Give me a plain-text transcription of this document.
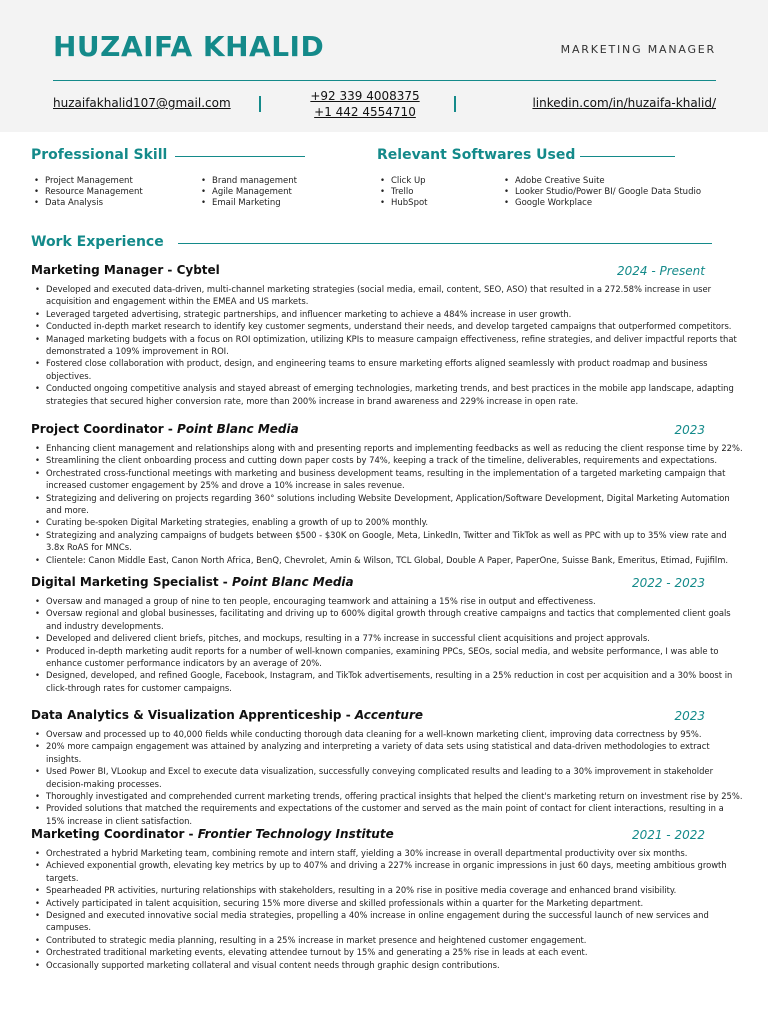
HUZAIFA KHALID	MARKETING MANAGER
huzaifakhalid107@gmail.com	+92 339 4008375
+1 442 4554710
linkedin.com/in/huzaifa-khalid/
Professional Skill
• Project Management
• Resource Management
• Data Analysis
• Brand management
• Agile Management
• Email Marketing
Relevant Softwares Used
• Click Up
• Trello
• HubSpot
• Adobe Creative Suite
• Looker Studio/Power BI/ Google Data Studio
• Google Workplace
Work Experience
Marketing Manager - Cybtel	2024 - Present
• Developed and executed data-driven, multi-channel marketing strategies (social media, email, content, SEO, ASO) that resulted in a 272.58% increase in user acquisition and engagement within the EMEA and US markets.
• Leveraged targeted advertising, strategic partnerships, and influencer marketing to achieve a 484% increase in user growth.
• Conducted in-depth market research to identify key customer segments, understand their needs, and develop targeted campaigns that outperformed competitors.
• Managed marketing budgets with a focus on ROI optimization, utilizing KPIs to measure campaign effectiveness, refine strategies, and deliver impactful reports that demonstrated a 109% improvement in ROI.
• Fostered close collaboration with product, design, and engineering teams to ensure marketing efforts aligned seamlessly with product roadmap and business objectives.
• Conducted ongoing competitive analysis and stayed abreast of emerging technologies, marketing trends, and best practices in the mobile app landscape, adapting strategies that secured higher conversion rate, more than 200% increase in brand awareness and 229% increase in open rate.
Project Coordinator - Point Blanc Media	2023
• Enhancing client management and relationships along with and presenting reports and implementing feedbacks as well as reducing the client response time by 22%.
• Streamlining the client onboarding process and cutting down paper costs by 74%, keeping a track of the timeline, deliverables, requirements and expectations.
• Orchestrated cross-functional meetings with marketing and business development teams, resulting in the implementation of a targeted marketing campaign that increased customer engagement by 25% and drove a 10% increase in sales revenue.
• Strategizing and delivering on projects regarding 360° solutions including Website Development, Application/Software Development, Digital Marketing Automation and more.
• Curating be-spoken Digital Marketing strategies, enabling a growth of up to 200% monthly.
• Strategizing and analyzing campaigns of budgets between $500 - $30K on Google, Meta, LinkedIn, Twitter and TikTok as well as PPC with up to 35% view rate and 3.8x RoAS for MNCs.
• Clientele: Canon Middle East, Canon North Africa, BenQ, Chevrolet, Amin & Wilson, TCL Global, Double A Paper, PaperOne, Suisse Bank, Emeritus, Etimad, Fujifilm.
Digital Marketing Specialist - Point Blanc Media	2022 - 2023
• Oversaw and managed a group of nine to ten people, encouraging teamwork and attaining a 15% rise in output and effectiveness.
• Oversaw regional and global businesses, facilitating and driving up to 600% digital growth through creative campaigns and tactics that complemented client goals and industry developments.
• Developed and delivered client briefs, pitches, and mockups, resulting in a 77% increase in successful client acquisitions and project approvals.
• Produced in-depth marketing audit reports for a number of well-known companies, examining PPCs, SEOs, social media, and website performance, I was able to enhance customer performance indicators by an average of 20%.
• Designed, developed, and refined Google, Facebook, Instagram, and TikTok advertisements, resulting in a 25% reduction in cost per acquisition and a 30% boost in click-through rates for customer campaigns.
Data Analytics & Visualization Apprenticeship - Accenture	2023
• Oversaw and processed up to 40,000 fields while conducting thorough data cleaning for a well-known marketing client, improving data correctness by 95%.
• 20% more campaign engagement was attained by analyzing and interpreting a variety of data sets using statistical and data-driven methodologies to extract insights.
• Used Power BI, VLookup and Excel to execute data visualization, successfully conveying complicated results and leading to a 30% improvement in stakeholder decision-making processes.
• Thoroughly investigated and comprehended current marketing trends, offering practical insights that helped the client's marketing return on investment rise by 25%.
• Provided solutions that matched the requirements and expectations of the customer and served as the main point of contact for client interactions, resulting in a 15% increase in client satisfaction.
Marketing Coordinator - Frontier Technology Institute	2021 - 2022
• Orchestrated a hybrid Marketing team, combining remote and intern staff, yielding a 30% increase in overall departmental productivity over six months.
• Achieved exponential growth, elevating key metrics by up to 407% and driving a 227% increase in organic impressions in just 60 days, meeting ambitious growth targets.
• Spearheaded PR activities, nurturing relationships with stakeholders, resulting in a 20% rise in positive media coverage and enhanced brand visibility.
• Actively participated in talent acquisition, securing 15% more diverse and skilled professionals within a quarter for the Marketing department.
• Designed and executed innovative social media strategies, propelling a 40% increase in online engagement during the successful launch of new services and campuses.
• Contributed to strategic media planning, resulting in a 25% increase in market presence and heightened customer engagement.
• Orchestrated traditional marketing events, elevating attendee turnout by 15% and generating a 25% rise in leads at each event.
• Occasionally supported marketing collateral and visual content needs through graphic design contributions.
